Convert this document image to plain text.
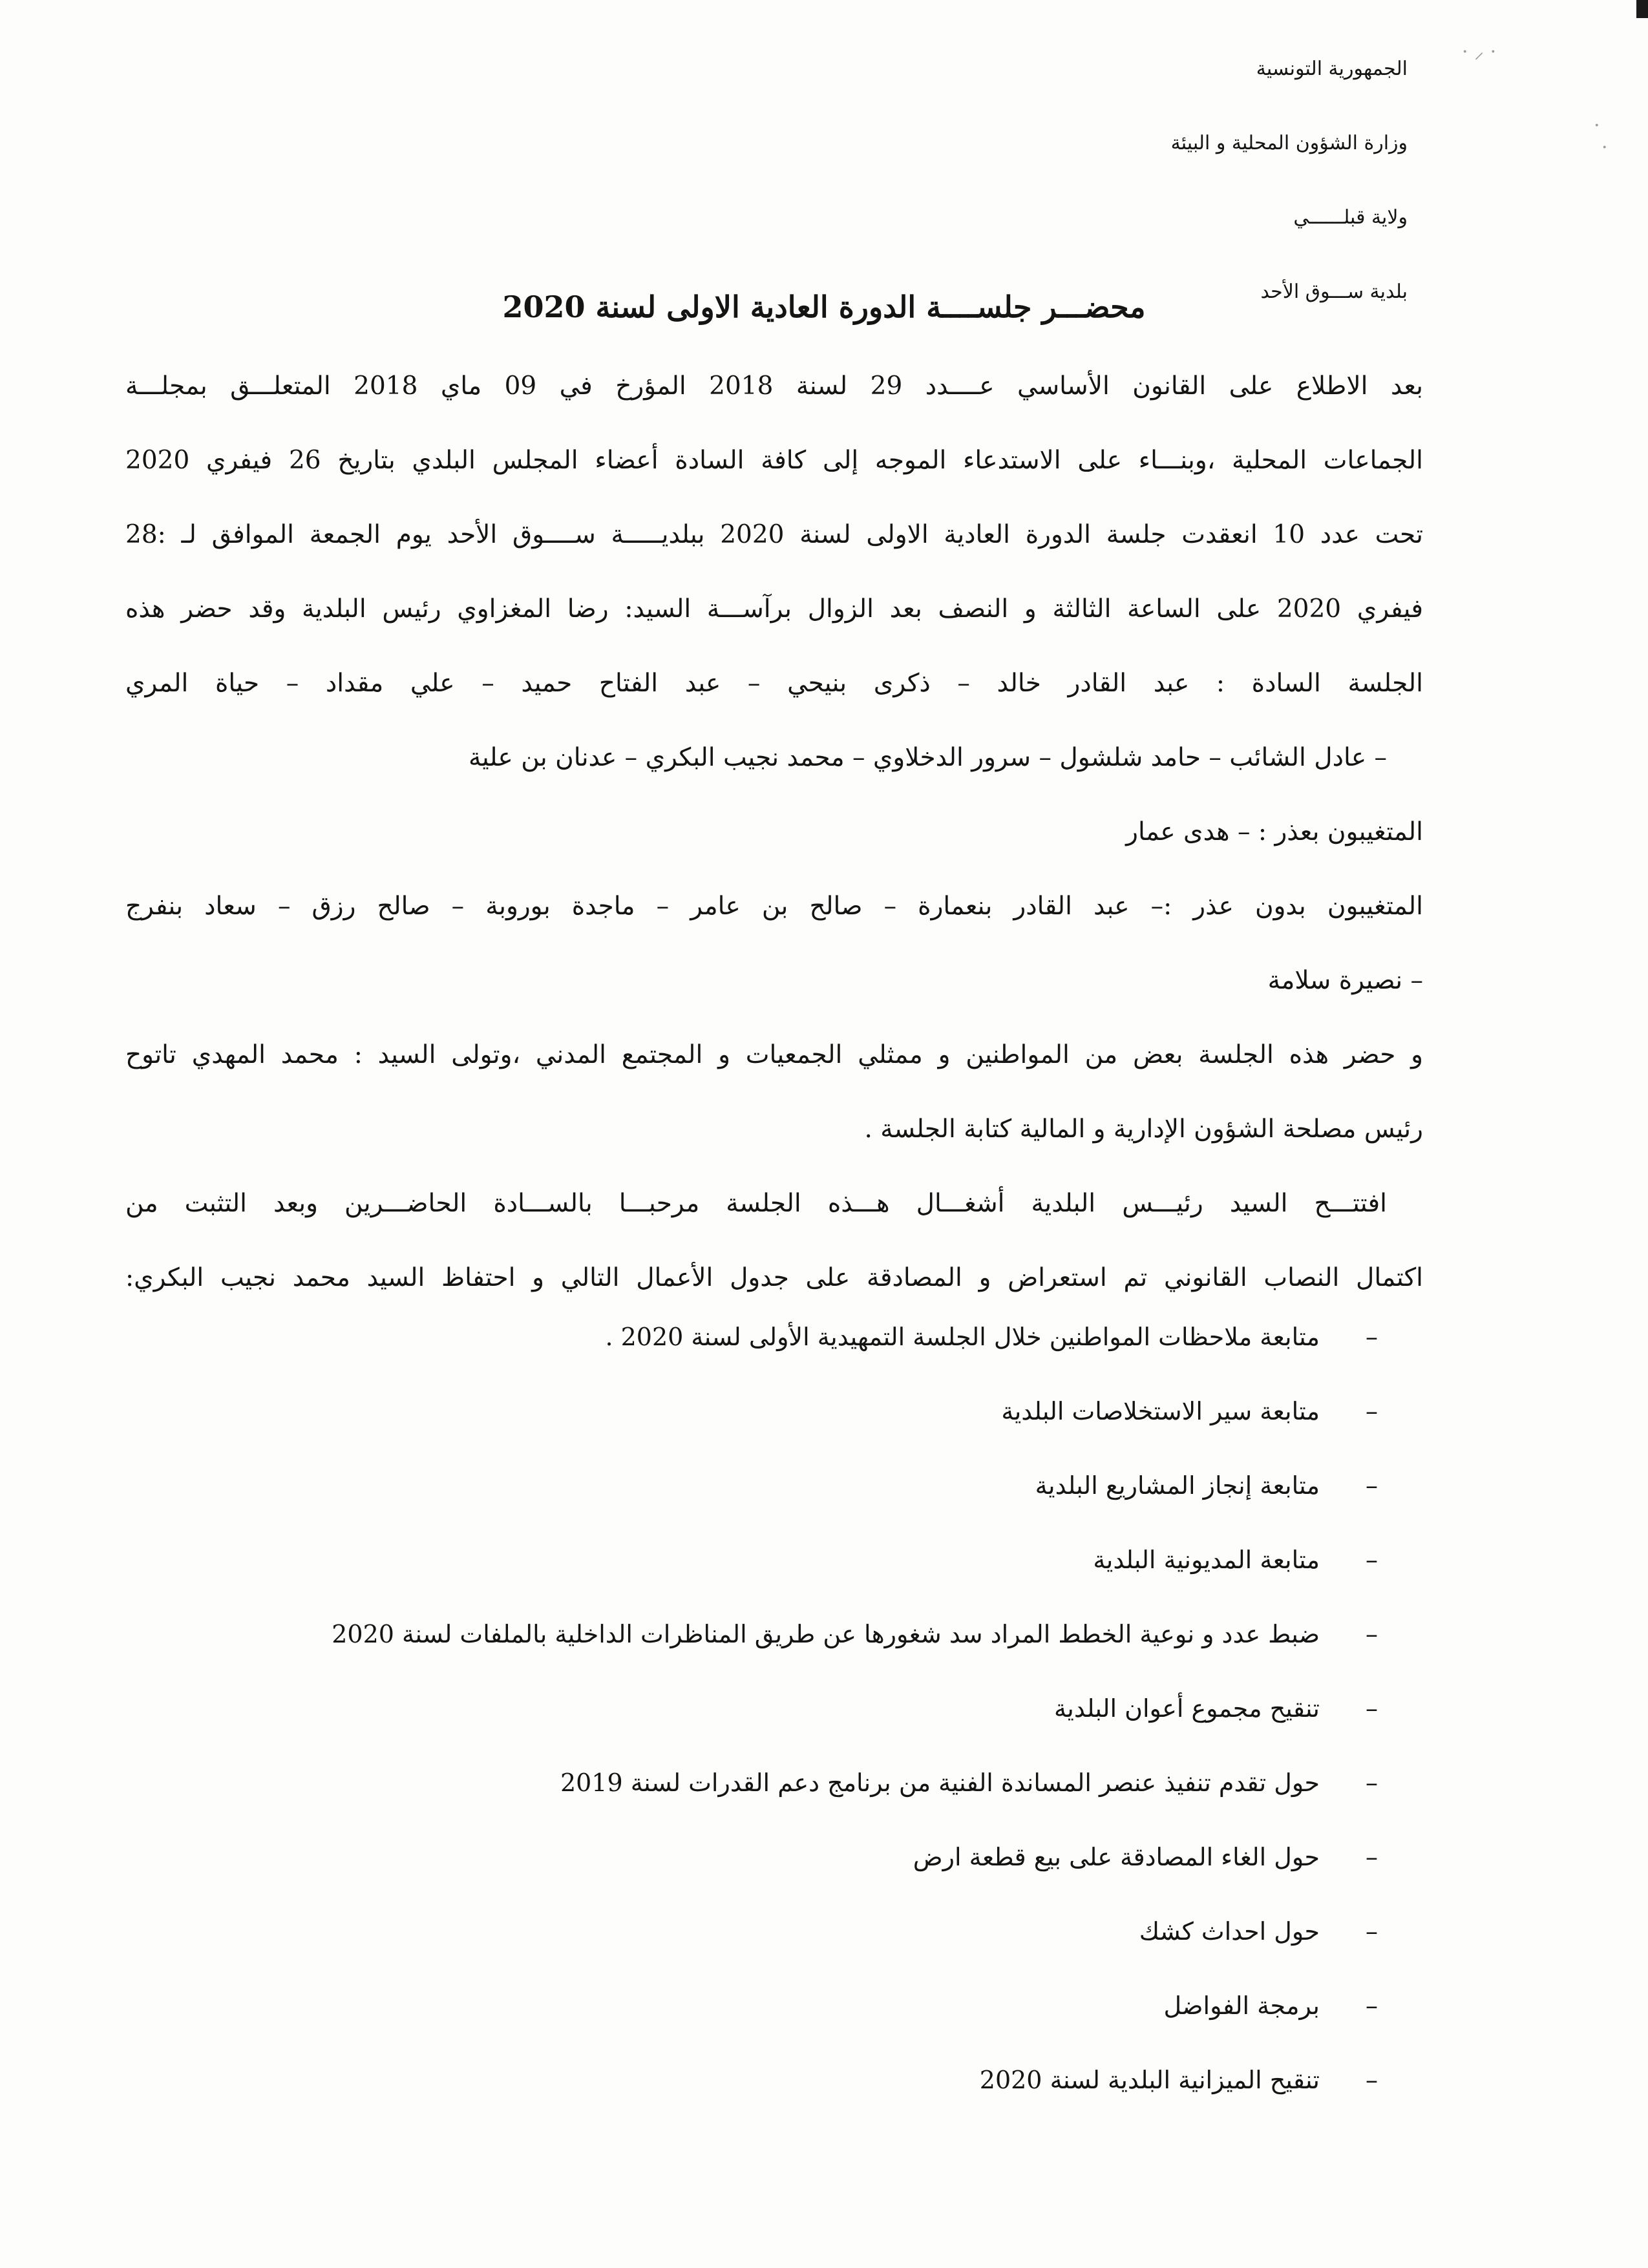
· ⸝ ·
·
·
الجمهورية التونسية
وزارة الشؤون المحلية و البيئة
ولاية قبلــــــي
بلدية ســـوق الأحد
محضـــر جلســــة الدورة العادية الاولى لسنة 2020
بعد الاطلاع على القانون الأساسي عــــدد 29 لسنة 2018 المؤرخ في 09 ماي 2018 المتعلـــق بمجلـــة
الجماعات المحلية ،وبنـــاء على الاستدعاء الموجه إلى كافة السادة أعضاء المجلس البلدي بتاريخ 26 فيفري 2020
تحت عدد 10 انعقدت جلسة الدورة العادية الاولى لسنة 2020 ببلديـــــة ســــوق الأحد يوم الجمعة الموافق لـ :28
فيفري 2020 على الساعة الثالثة و النصف بعد الزوال برآســـة السيد: رضا المغزاوي رئيس البلدية وقد حضر هذه
الجلسة السادة : عبد القادر خالد – ذكرى بنيحي – عبد الفتاح حميد – علي مقداد – حياة المري
– عادل الشائب – حامد شلشول – سرور الدخلاوي – محمد نجيب البكري – عدنان بن علية
المتغيبون بعذر : – هدى عمار
المتغيبون بدون عذر :– عبد القادر بنعمارة – صالح بن عامر – ماجدة بوروبة – صالح رزق – سعاد بنفرج
– نصيرة سلامة
و حضر هذه الجلسة بعض من المواطنين و ممثلي الجمعيات و المجتمع المدني ،وتولى السيد : محمد المهدي تاتوح
رئيس مصلحة الشؤون الإدارية و المالية كتابة الجلسة .
افتتـــح السيد رئيـــس البلدية أشغـــال هـــذه الجلسة مرحبـــا بالســـادة الحاضـــرين وبعد التثبت من
اكتمال النصاب القانوني تم استعراض و المصادقة على جدول الأعمال التالي و احتفاظ السيد محمد نجيب البكري:
–
متابعة ملاحظات المواطنين خلال الجلسة التمهيدية الأولى لسنة 2020 .
–
متابعة سير الاستخلاصات البلدية
–
متابعة إنجاز المشاريع البلدية
–
متابعة المديونية البلدية
–
ضبط عدد و نوعية الخطط المراد سد شغورها عن طريق المناظرات الداخلية بالملفات لسنة 2020
–
تنقيح مجموع أعوان البلدية
–
حول تقدم تنفيذ عنصر المساندة الفنية من برنامج دعم القدرات لسنة 2019
–
حول الغاء المصادقة على بيع قطعة ارض
–
حول احداث كشك
–
برمجة الفواضل
–
تنقيح الميزانية البلدية لسنة 2020
